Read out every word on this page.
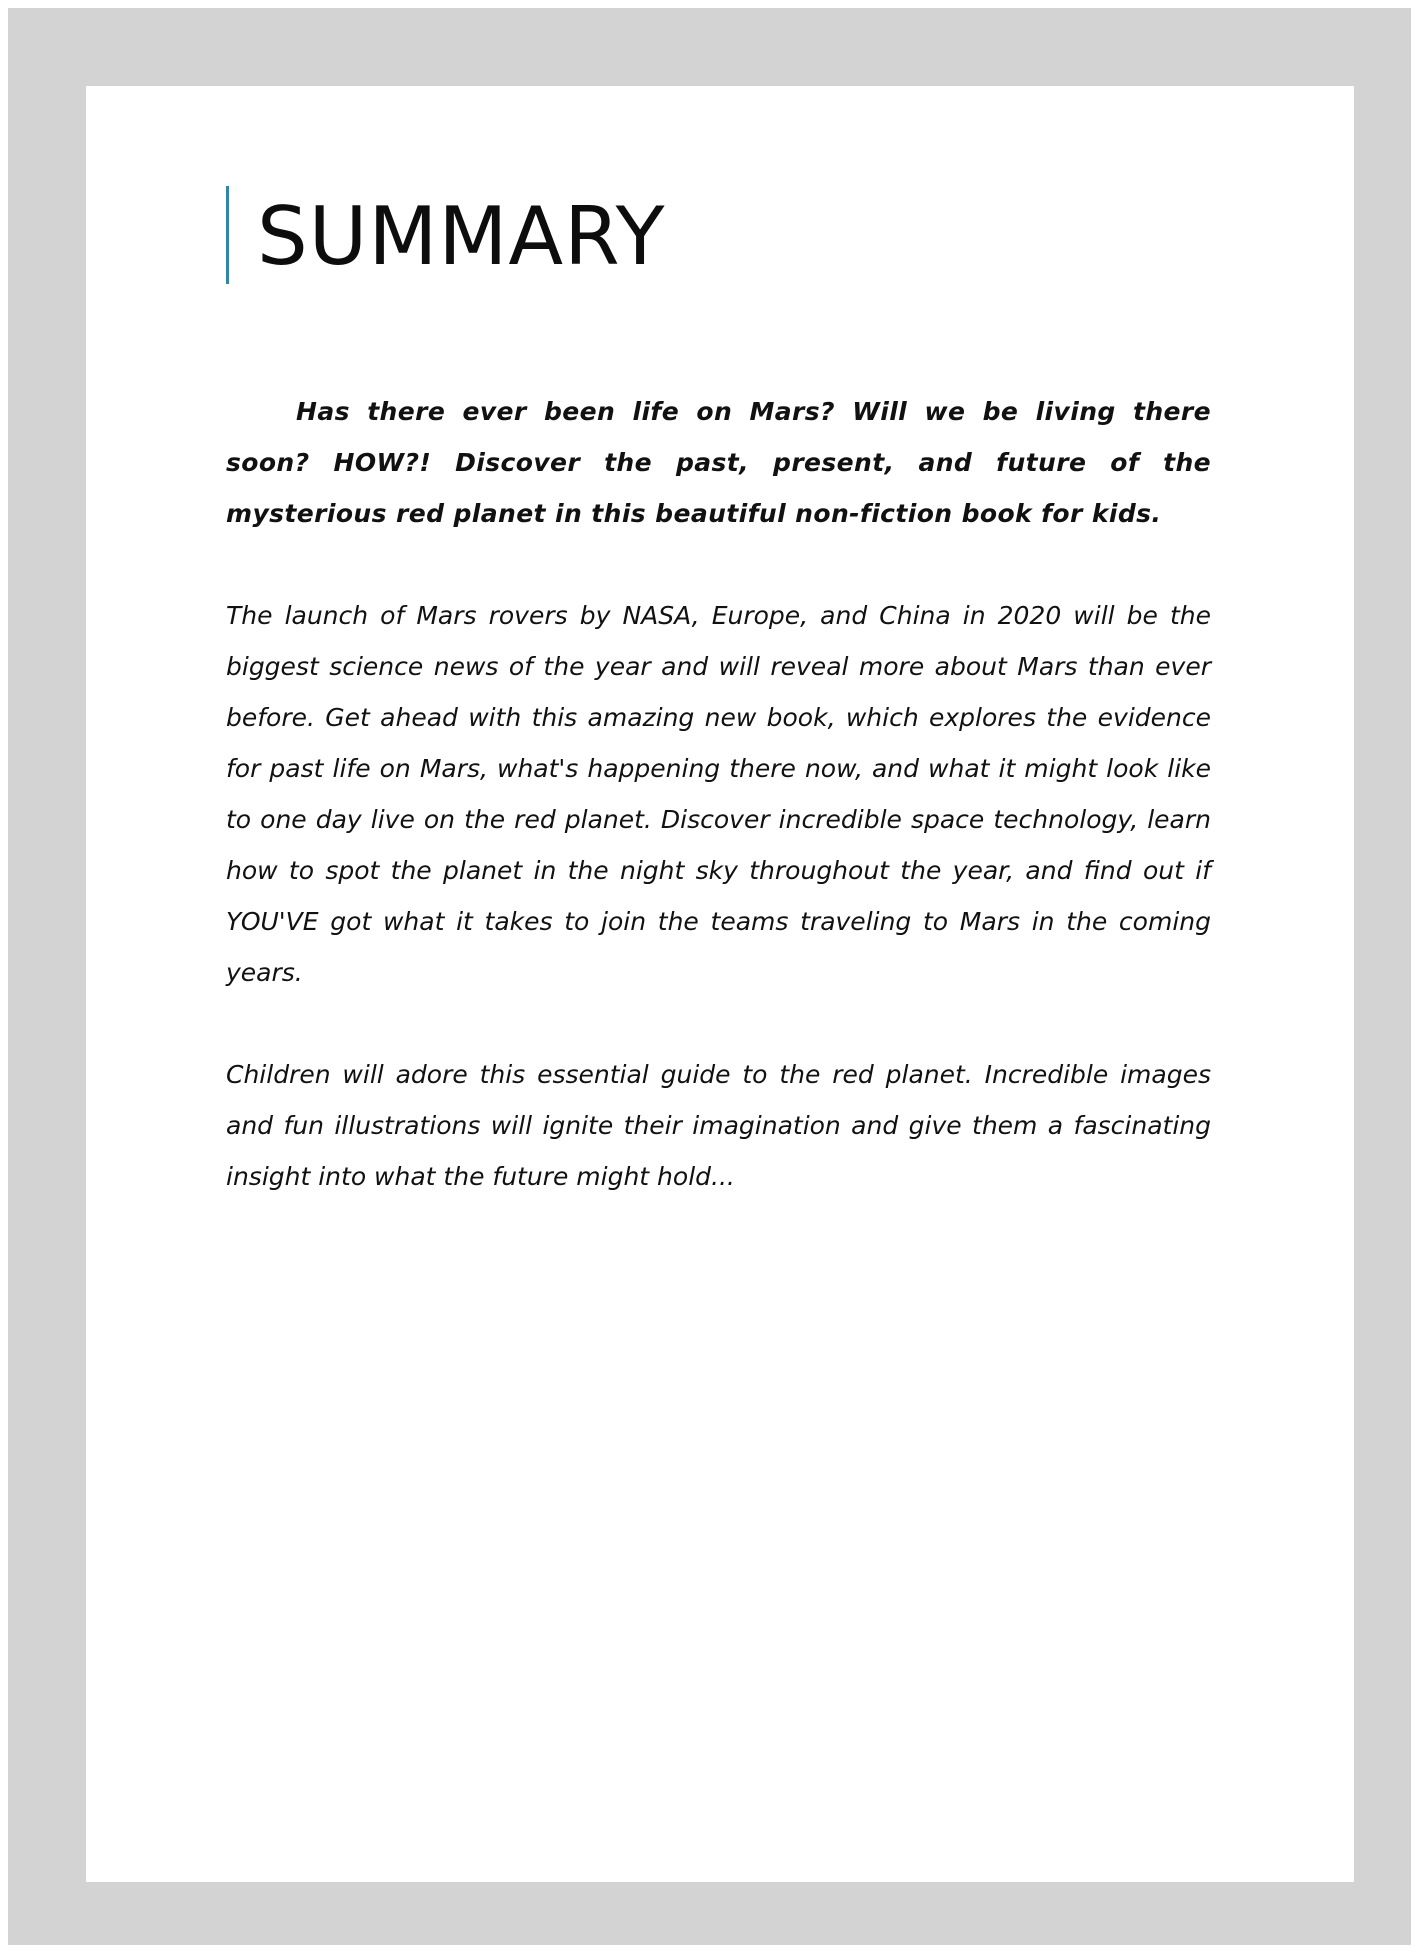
SUMMARY

Has there ever been life on Mars? Will we be living there soon? HOW?! Discover the past, present, and future of the mysterious red planet in this beautiful non-fiction book for kids.

The launch of Mars rovers by NASA, Europe, and China in 2020 will be the biggest science news of the year and will reveal more about Mars than ever before. Get ahead with this amazing new book, which explores the evidence for past life on Mars, what's happening there now, and what it might look like to one day live on the red planet. Discover incredible space technology, learn how to spot the planet in the night sky throughout the year, and find out if YOU'VE got what it takes to join the teams traveling to Mars in the coming years.

Children will adore this essential guide to the red planet. Incredible images and fun illustrations will ignite their imagination and give them a fascinating insight into what the future might hold...
